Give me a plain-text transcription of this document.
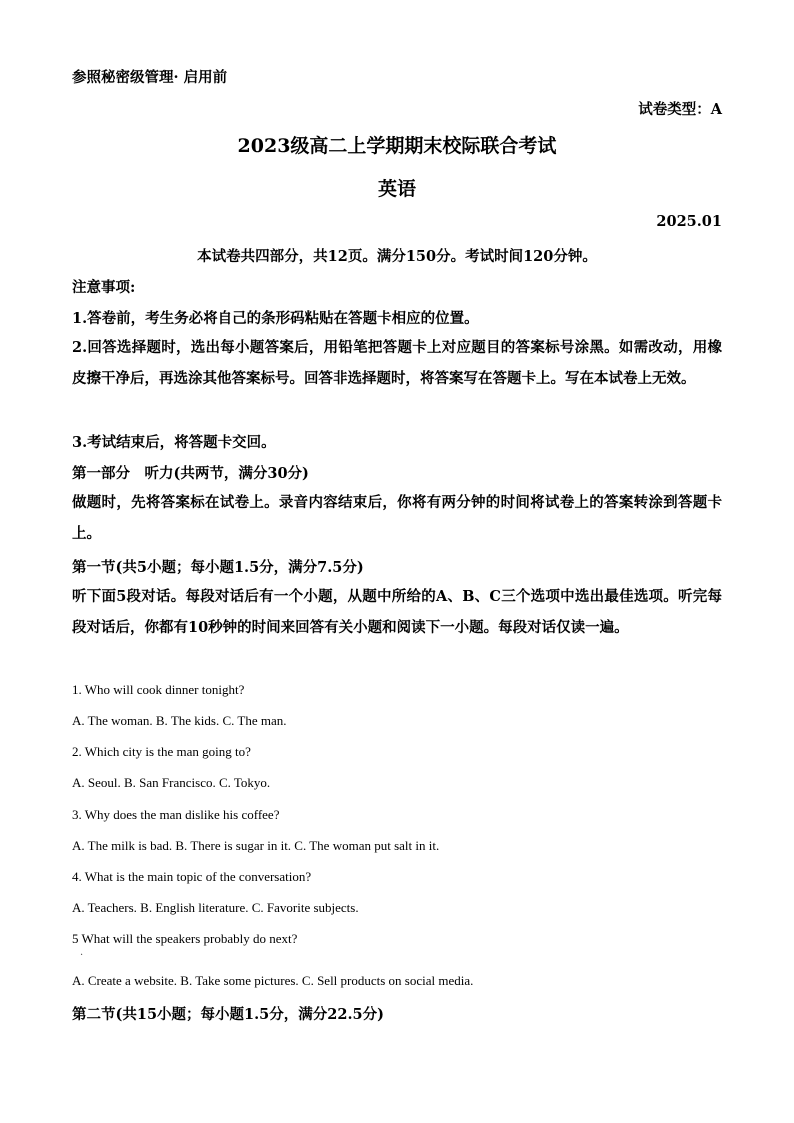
参照秘密级管理· 启用前
试卷类型：A
2023级高二上学期期末校际联合考试
英语
2025.01
本试卷共四部分，共12页。满分150分。考试时间120分钟。
注意事项:
1.答卷前，考生务必将自己的条形码粘贴在答题卡相应的位置。
2.回答选择题时，选出每小题答案后，用铅笔把答题卡上对应题目的答案标号涂黑。如需改动，用橡皮擦干净后，再选涂其他答案标号。回答非选择题时，将答案写在答题卡上。写在本试卷上无效。
3.考试结束后，将答题卡交回。
第一部分　听力(共两节，满分30分)
做题时，先将答案标在试卷上。录音内容结束后，你将有两分钟的时间将试卷上的答案转涂到答题卡上。
第一节(共5小题；每小题1.5分，满分7.5分)
听下面5段对话。每段对话后有一个小题，从题中所给的A、B、C三个选项中选出最佳选项。听完每段对话后，你都有10秒钟的时间来回答有关小题和阅读下一小题。每段对话仅读一遍。
1. Who will cook dinner tonight?
A. The woman. B. The kids. C. The man.
2. Which city is the man going to?
A. Seoul. B. San Francisco. C. Tokyo.
3. Why does the man dislike his coffee?
A. The milk is bad. B. There is sugar in it. C. The woman put salt in it.
4. What is the main topic of the conversation?
A. Teachers. B. English literature. C. Favorite subjects.
5 What will the speakers probably do next?
·
A. Create a website. B. Take some pictures. C. Sell products on social media.
第二节(共15小题；每小题1.5分，满分22.5分)
